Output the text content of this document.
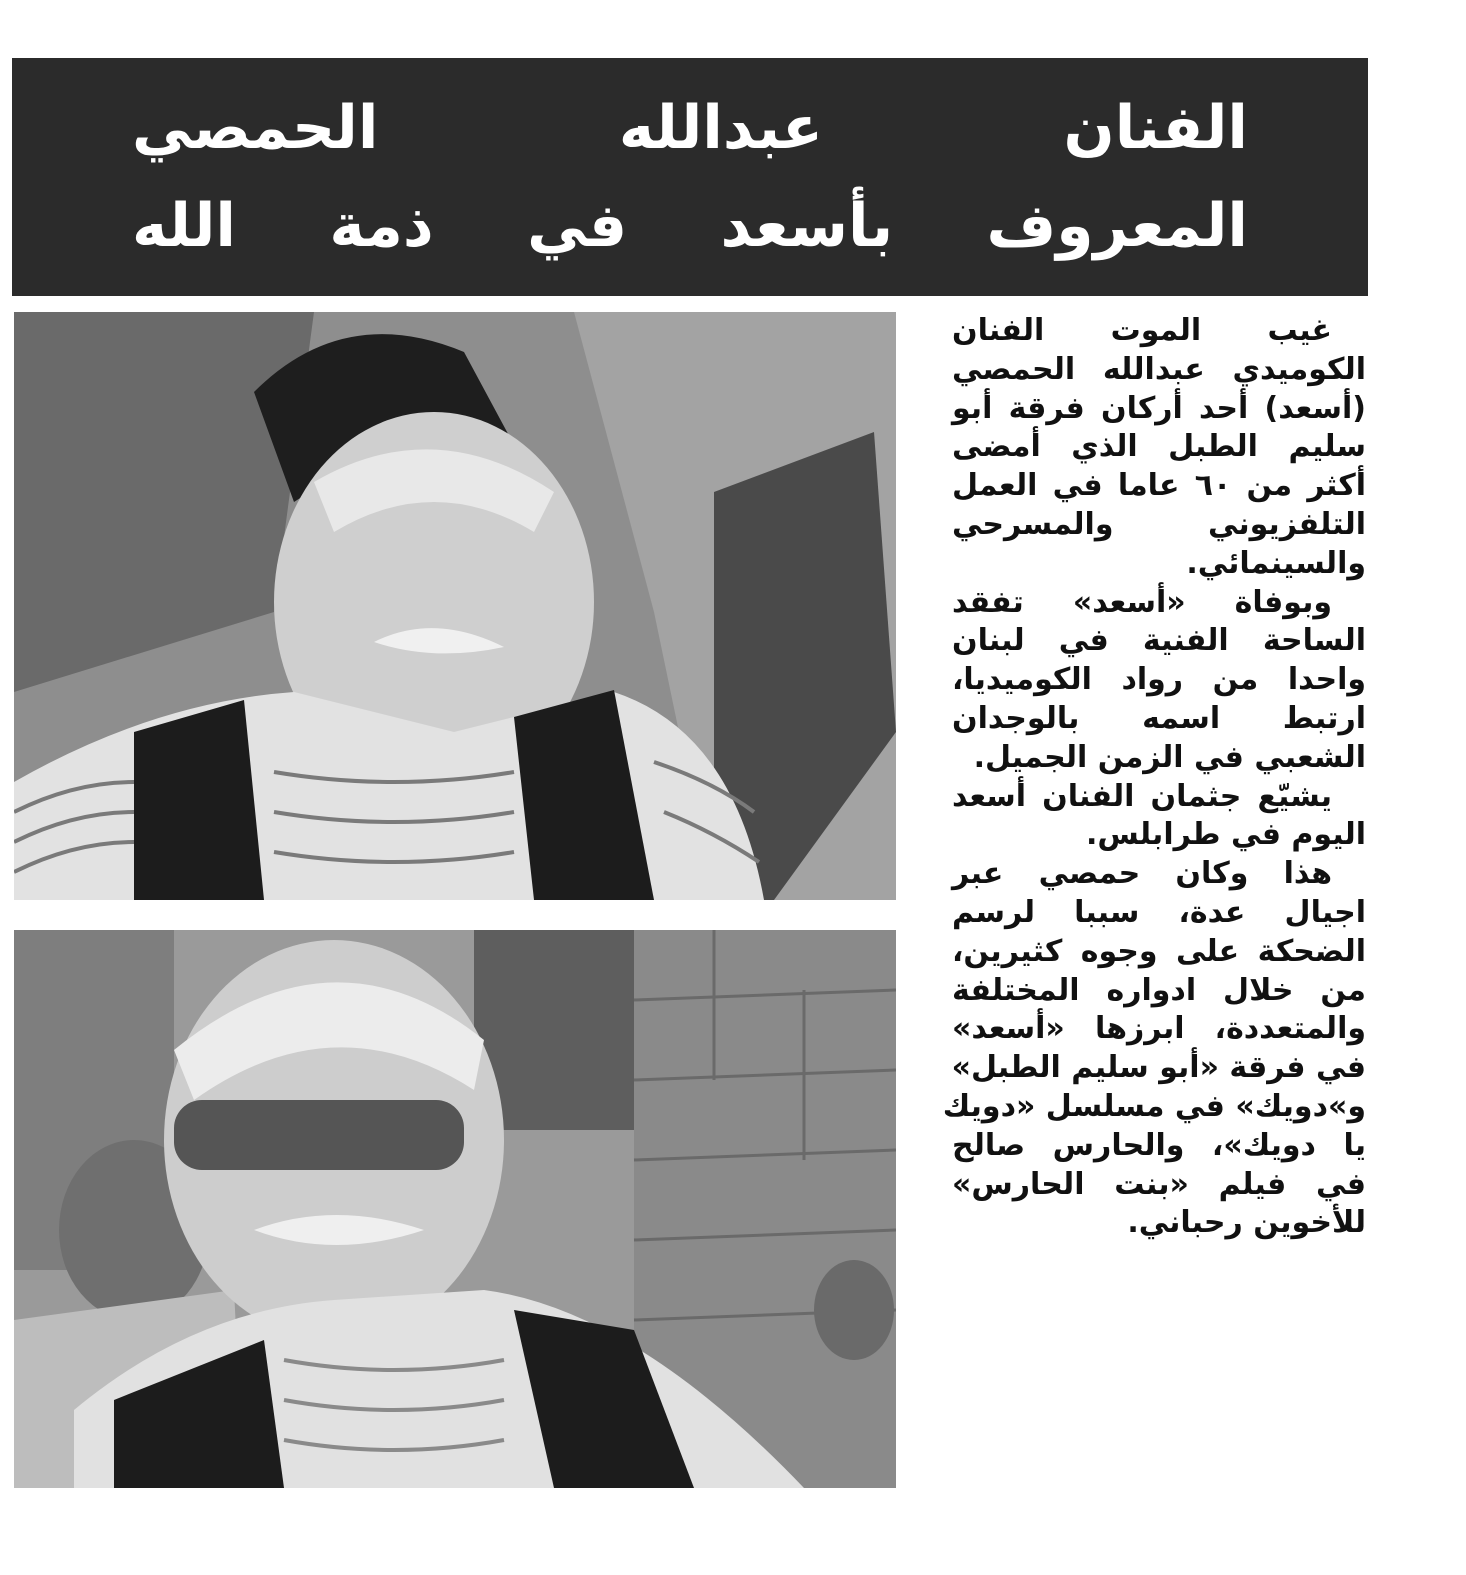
الفنان عبدالله الحمصي
المعروف بأسعد في ذمة الله
غيب الموت الفنان
الكوميدي عبدالله الحمصي
(أسعد) أحد أركان فرقة أبو
سليم الطبل الذي أمضى
أكثر من ٦٠ عاما في العمل
التلفزيوني والمسرحي
والسينمائي.
وبوفاة «أسعد» تفقد
الساحة الفنية في لبنان
واحدا من رواد الكوميديا،
ارتبط اسمه بالوجدان
الشعبي في الزمن الجميل.
يشيّع جثمان الفنان أسعد
اليوم في طرابلس.
هذا وكان حمصي عبر
اجيال عدة، سببا لرسم
الضحكة على وجوه كثيرين،
من خلال ادواره المختلفة
والمتعددة، ابرزها «أسعد»
في فرقة «أبو سليم الطبل»
و»دويك» في مسلسل «دويك
يا دويك»، والحارس صالح
في فيلم «بنت الحارس»
للأخوين رحباني.
